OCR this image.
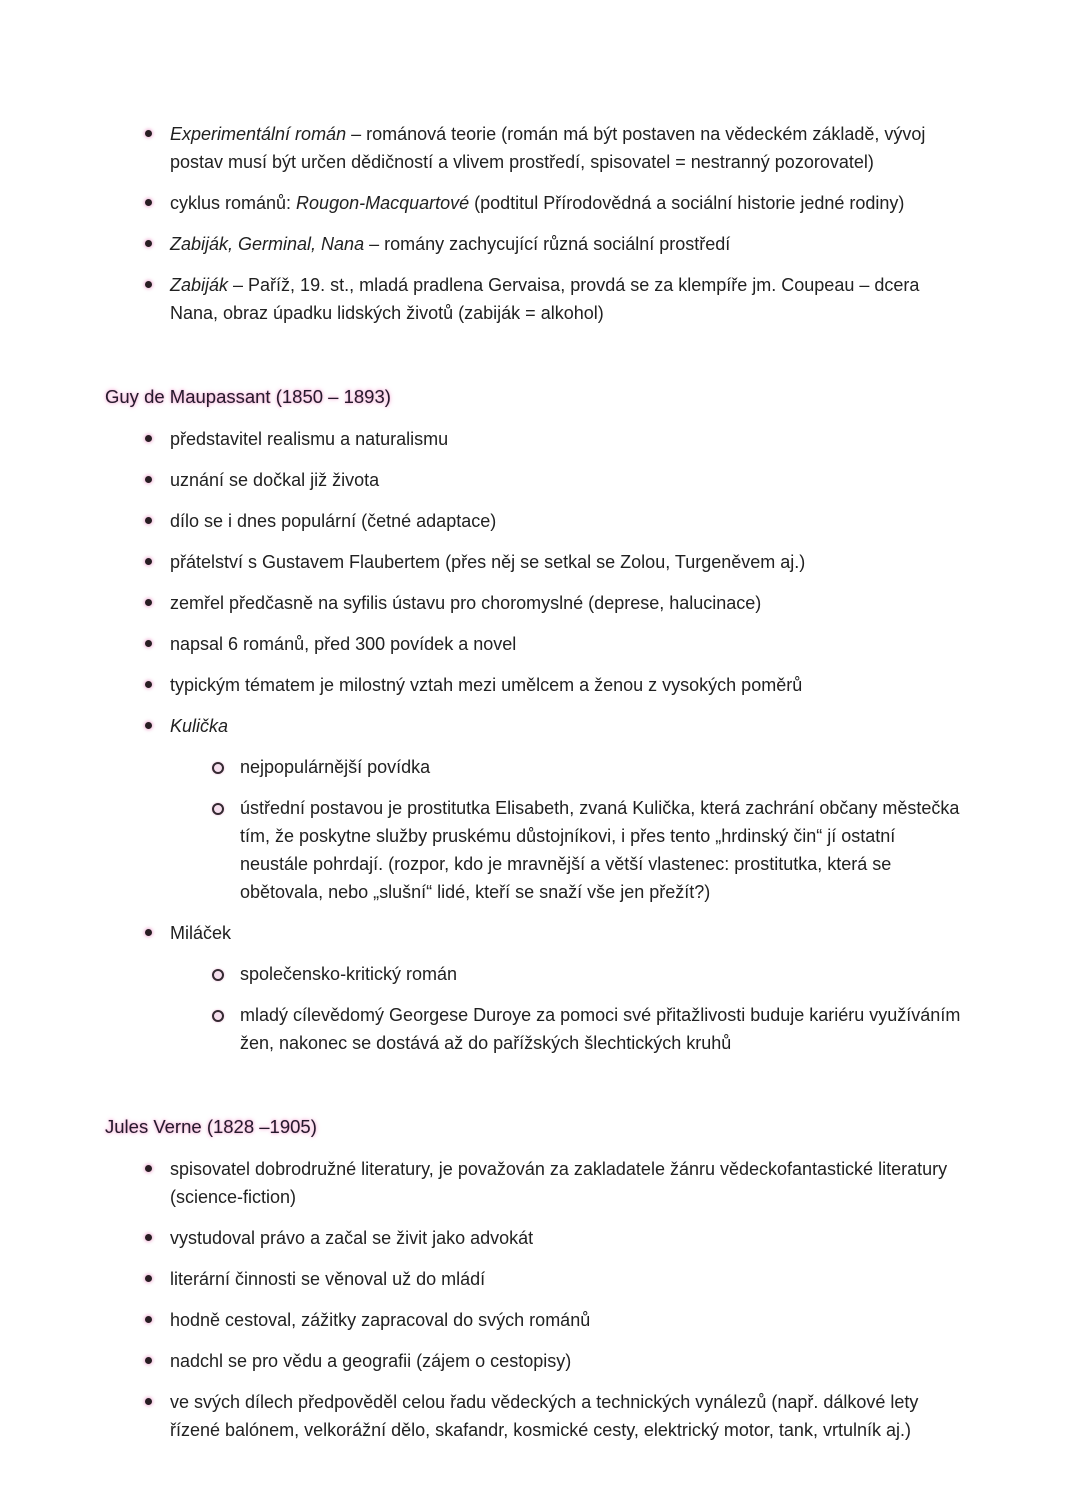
Experimentální román – románová teorie (román má být postaven na vědeckém základě, vývoj postav musí být určen dědičností a vlivem prostředí, spisovatel = nestranný pozorovatel)

cyklus románů: Rougon-Macquartové (podtitul Přírodovědná a sociální historie jedné rodiny)

Zabiják, Germinal, Nana – romány zachycující různá sociální prostředí

Zabiják – Paříž, 19. st., mladá pradlena Gervaisa, provdá se za klempíře jm. Coupeau – dcera Nana, obraz úpadku lidských životů (zabiják = alkohol)

Guy de Maupassant (1850 – 1893)

představitel realismu a naturalismu

uznání se dočkal již života

dílo se i dnes populární (četné adaptace)

přátelství s Gustavem Flaubertem (přes něj se setkal se Zolou, Turgeněvem aj.)

zemřel předčasně na syfilis ústavu pro choromyslné (deprese, halucinace)

napsal 6 románů, před 300 povídek a novel

typickým tématem je milostný vztah mezi umělcem a ženou z vysokých poměrů

Kulička

nejpopulárnější povídka

ústřední postavou je prostitutka Elisabeth, zvaná Kulička, která zachrání občany městečka tím, že poskytne služby pruskému důstojníkovi, i přes tento „hrdinský čin“ jí ostatní neustále pohrdají. (rozpor, kdo je mravnější a větší vlastenec: prostitutka, která se obětovala, nebo „slušní“ lidé, kteří se snaží vše jen přežít?)

Miláček

společensko-kritický román

mladý cílevědomý Georgese Duroye za pomoci své přitažlivosti buduje kariéru využíváním žen, nakonec se dostává až do pařížských šlechtických kruhů

Jules Verne (1828 –1905)

spisovatel dobrodružné literatury, je považován za zakladatele žánru vědeckofantastické literatury (science-fiction)

vystudoval právo a začal se živit jako advokát

literární činnosti se věnoval už do mládí

hodně cestoval, zážitky zapracoval do svých románů

nadchl se pro vědu a geografii (zájem o cestopisy)

ve svých dílech předpověděl celou řadu vědeckých a technických vynálezů (např. dálkové lety řízené balónem, velkorážní dělo, skafandr, kosmické cesty, elektrický motor, tank, vrtulník aj.)
